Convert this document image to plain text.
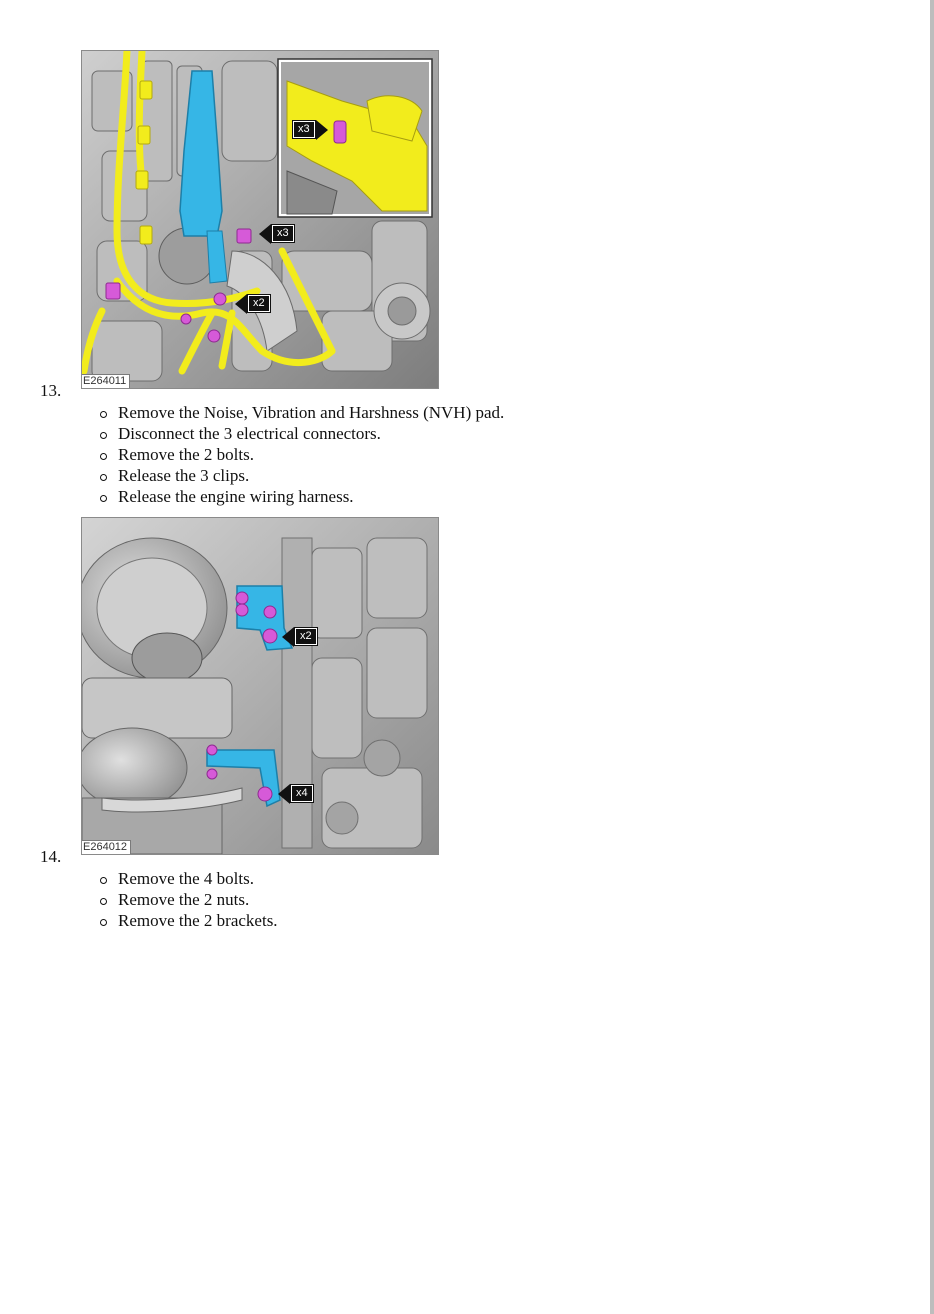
x3
x3
x2
E264011
13.
Remove the Noise, Vibration and Harshness (NVH) pad.
Disconnect the 3 electrical connectors.
Remove the 2 bolts.
Release the 3 clips.
Release the engine wiring harness.
x2
x4
E264012
14.
Remove the 4 bolts.
Remove the 2 nuts.
Remove the 2 brackets.
